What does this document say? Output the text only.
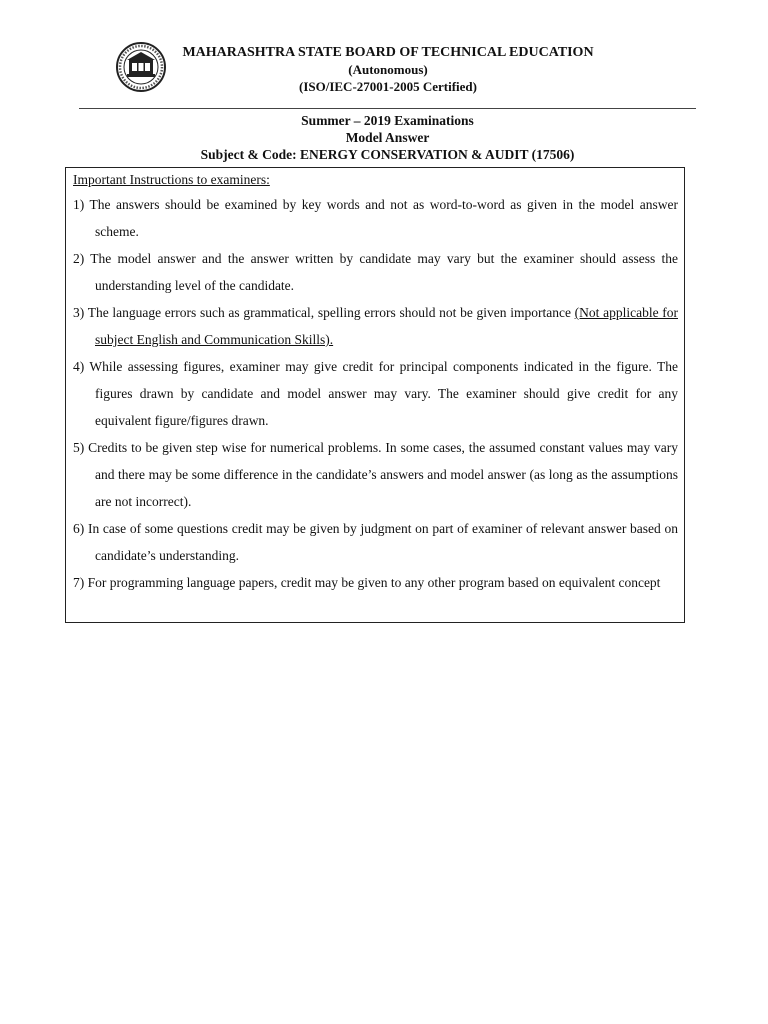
MAHARASHTRA STATE BOARD OF TECHNICAL EDUCATION
(Autonomous)
(ISO/IEC-27001-2005 Certified)
Summer – 2019 Examinations
Model Answer
Subject & Code: ENERGY CONSERVATION & AUDIT (17506)
Important Instructions to examiners:
1) The answers should be examined by key words and not as word-to-word as given in the model answer scheme.
2) The model answer and the answer written by candidate may vary but the examiner should assess the understanding level of the candidate.
3) The language errors such as grammatical, spelling errors should not be given importance (Not applicable for subject English and Communication Skills).
4) While assessing figures, examiner may give credit for principal components indicated in the figure. The figures drawn by candidate and model answer may vary. The examiner should give credit for any equivalent figure/figures drawn.
5) Credits to be given step wise for numerical problems. In some cases, the assumed constant values may vary and there may be some difference in the candidate’s answers and model answer (as long as the assumptions are not incorrect).
6) In case of some questions credit may be given by judgment on part of examiner of relevant answer based on candidate’s understanding.
7) For programming language papers, credit may be given to any other program based on equivalent concept
